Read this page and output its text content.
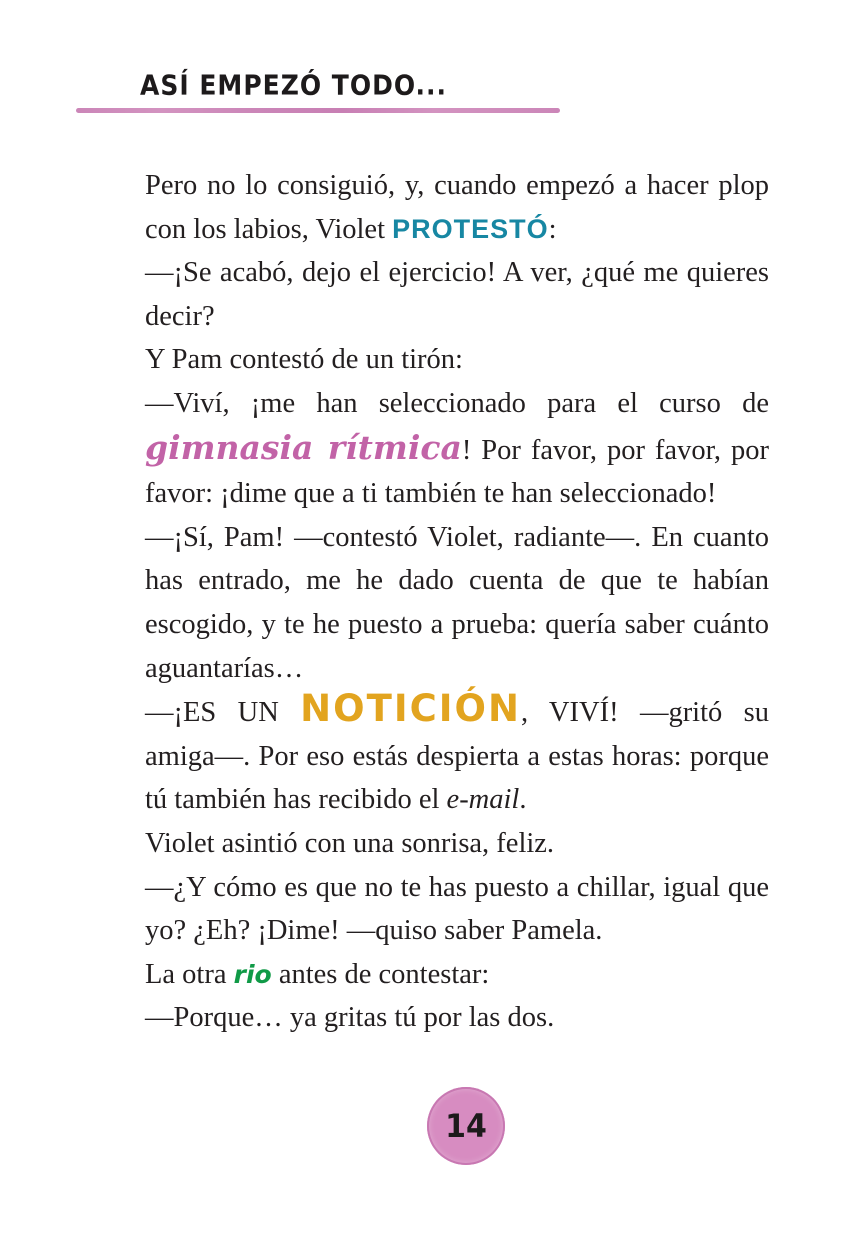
ASÍ EMPEZÓ TODO...

Pero no lo consiguió, y, cuando empezó a hacer plop con los labios, Violet PROTESTÓ:

—¡Se acabó, dejo el ejercicio! A ver, ¿qué me quieres decir?

Y Pam contestó de un tirón:

—Viví, ¡me han seleccionado para el curso de gimnasia rítmica! Por favor, por favor, por favor: ¡dime que a ti también te han seleccionado!

—¡Sí, Pam! —contestó Violet, radiante—. En cuanto has entrado, me he dado cuenta de que te habían escogido, y te he puesto a prueba: quería saber cuánto aguantarías…

—¡ES UN NOTICIÓN, VIVÍ! —gritó su amiga—. Por eso estás despierta a estas horas: porque tú también has recibido el e-mail.

Violet asintió con una sonrisa, feliz.

—¿Y cómo es que no te has puesto a chillar, igual que yo? ¿Eh? ¡Dime! —quiso saber Pamela.

La otra rio antes de contestar:

—Porque… ya gritas tú por las dos.

14
